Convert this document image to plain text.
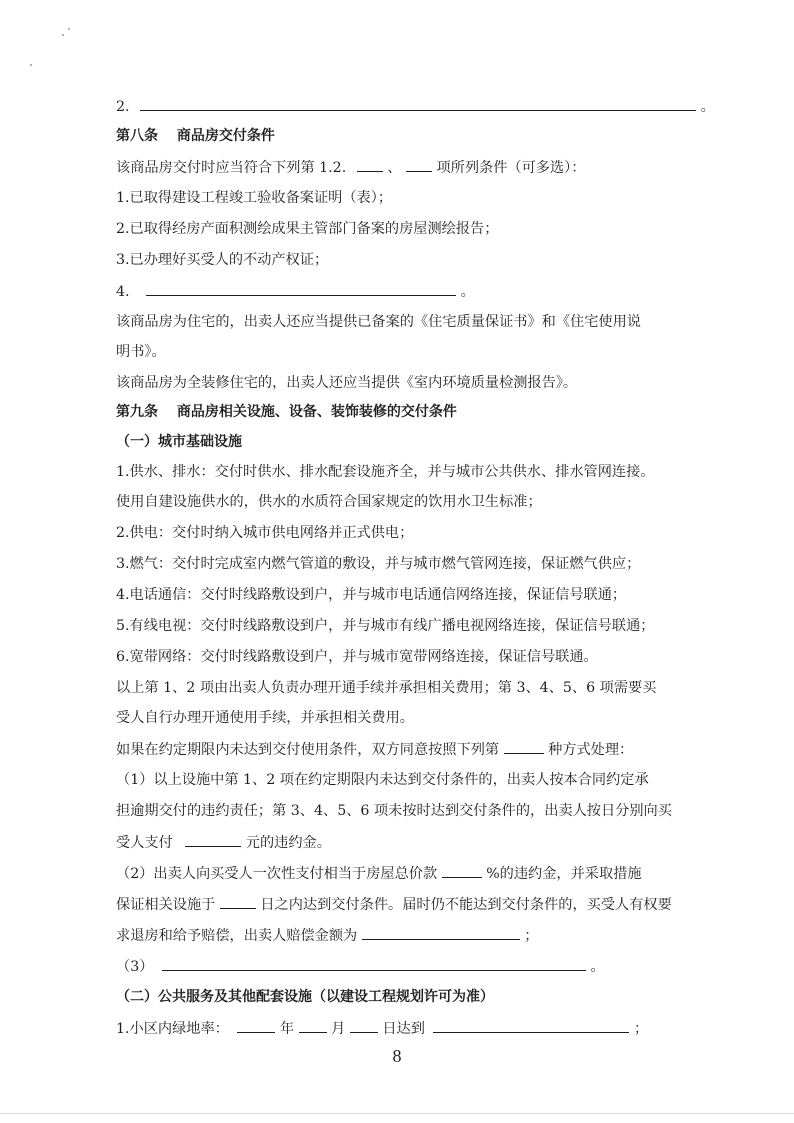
2.	。
第八条　 商品房交付条件
该商品房交付时应当符合下列第 1.2.	、 项所列条件（可多选）：
1.已取得建设工程竣工验收备案证明（表）；
2.已取得经房产面积测绘成果主管部门备案的房屋测绘报告；
3.已办理好买受人的不动产权证；
4.	。
该商品房为住宅的，出卖人还应当提供已备案的《住宅质量保证书》和《住宅使用说
明书》。
该商品房为全装修住宅的，出卖人还应当提供《室内环境质量检测报告》。
第九条　 商品房相关设施、设备、装饰装修的交付条件
（一）城市基础设施
1.供水、排水：交付时供水、排水配套设施齐全，并与城市公共供水、排水管网连接。
使用自建设施供水的，供水的水质符合国家规定的饮用水卫生标准；
2.供电：交付时纳入城市供电网络并正式供电；
3.燃气：交付时完成室内燃气管道的敷设，并与城市燃气管网连接，保证燃气供应；
4.电话通信：交付时线路敷设到户，并与城市电话通信网络连接，保证信号联通；
5.有线电视：交付时线路敷设到户，并与城市有线广播电视网络连接，保证信号联通；
6.宽带网络：交付时线路敷设到户，并与城市宽带网络连接，保证信号联通。
以上第 1、2 项由出卖人负责办理开通手续并承担相关费用；第 3、4、5、6 项需要买
受人自行办理开通使用手续，并承担相关费用。
如果在约定期限内未达到交付使用条件，双方同意按照下列第	种方式处理：
（1）以上设施中第 1、2 项在约定期限内未达到交付条件的，出卖人按本合同约定承
担逾期交付的违约责任；第 3、4、5、6 项未按时达到交付条件的，出卖人按日分别向买
受人支付	元的违约金。
（2）出卖人向买受人一次性支付相当于房屋总价款	%的违约金，并采取措施
保证相关设施于	日之内达到交付条件。届时仍不能达到交付条件的，买受人有权要
求退房和给予赔偿，出卖人赔偿金额为	；
（3）	。
（二）公共服务及其他配套设施（以建设工程规划许可为准）
1.小区内绿地率：	年	月	日达到	；
8
